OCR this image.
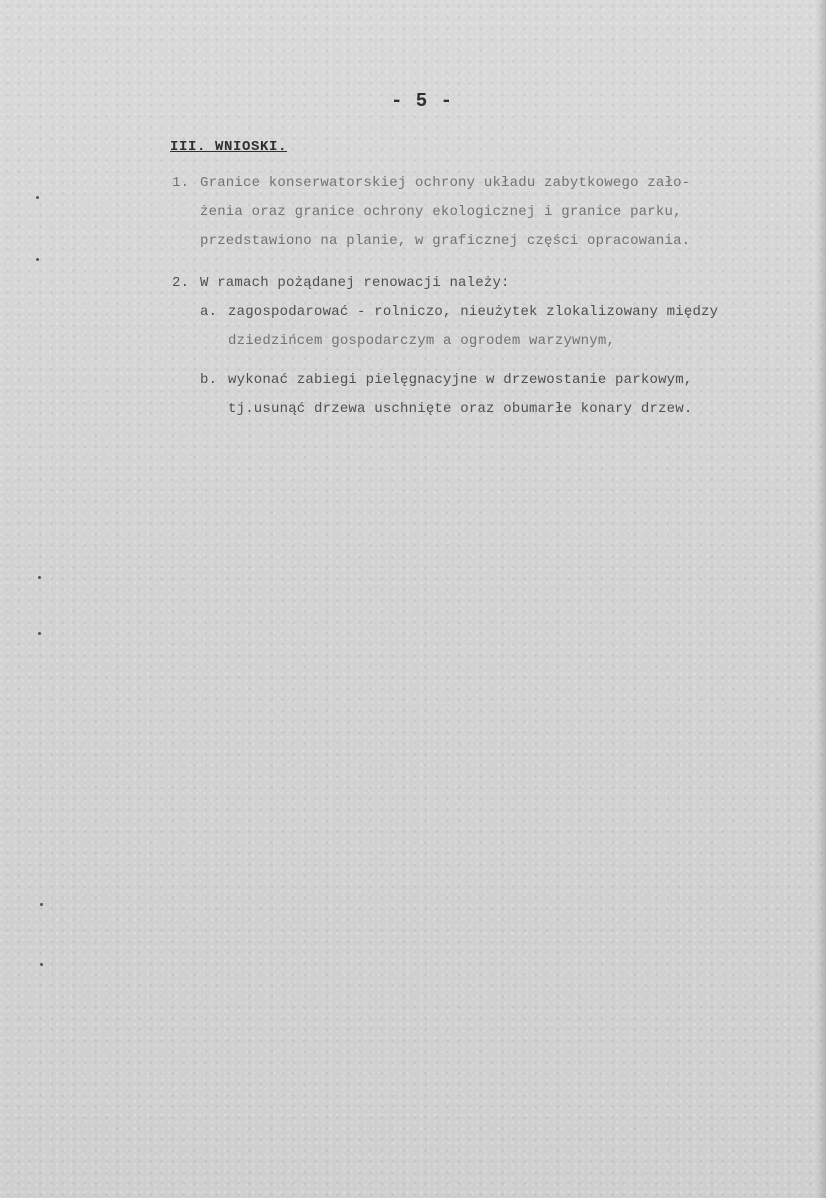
- 5 -
III. WNIOSKI.
1. Granice konserwatorskiej ochrony układu zabytkowego zało-
żenia oraz granice ochrony ekologicznej i granice parku,
przedstawiono na planie, w graficznej części opracowania.
2. W ramach pożądanej renowacji należy:
a. zagospodarować - rolniczo, nieużytek zlokalizowany między
dziedzińcem gospodarczym a ogrodem warzywnym,
b. wykonać zabiegi pielęgnacyjne w drzewostanie parkowym,
tj.usunąć drzewa uschnięte oraz obumarłe konary drzew.
